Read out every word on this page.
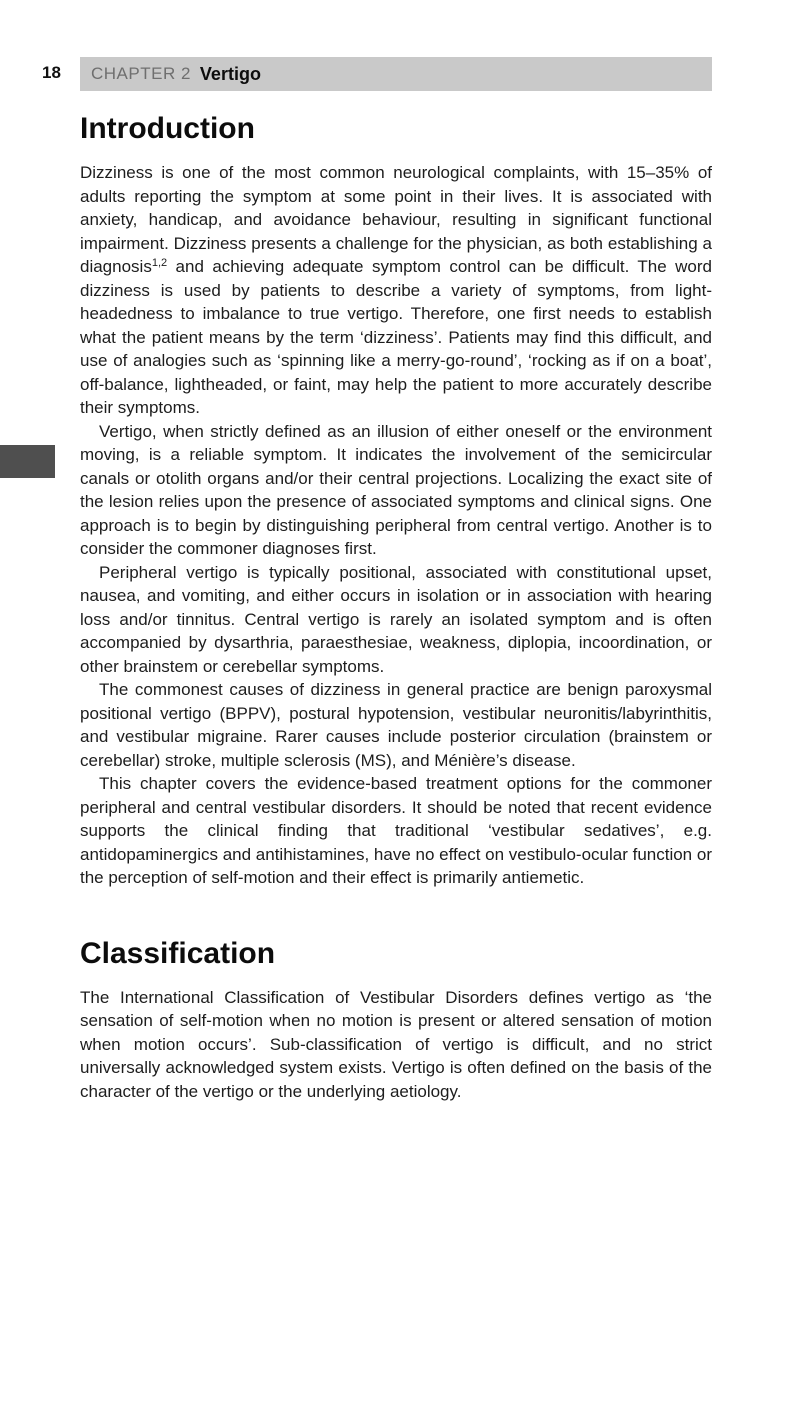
18 CHAPTER 2 Vertigo
Introduction

Dizziness is one of the most common neurological complaints, with 15–35% of adults reporting the symptom at some point in their lives. It is associated with anxiety, handicap, and avoidance behaviour, resulting in significant functional impairment. Dizziness presents a challenge for the physician, as both establishing a diagnosis$^{1,2}$ and achieving adequate symptom control can be difficult. The word dizziness is used by patients to describe a variety of symptoms, from light-headedness to imbalance to true vertigo. Therefore, one first needs to establish what the patient means by the term ‘dizziness’. Patients may find this difficult, and use of analogies such as ‘spinning like a merry-go-round’, ‘rocking as if on a boat’, off-balance, lightheaded, or faint, may help the patient to more accurately describe their symptoms.

Vertigo, when strictly defined as an illusion of either oneself or the environment moving, is a reliable symptom. It indicates the involvement of the semicircular canals or otolith organs and/or their central projections. Localizing the exact site of the lesion relies upon the presence of associated symptoms and clinical signs. One approach is to begin by distinguishing peripheral from central vertigo. Another is to consider the commoner diagnoses first.

Peripheral vertigo is typically positional, associated with constitutional upset, nausea, and vomiting, and either occurs in isolation or in association with hearing loss and/or tinnitus. Central vertigo is rarely an isolated symptom and is often accompanied by dysarthria, paraesthesiae, weakness, diplopia, incoordination, or other brainstem or cerebellar symptoms.

The commonest causes of dizziness in general practice are benign paroxysmal positional vertigo (BPPV), postural hypotension, vestibular neuronitis/labyrinthitis, and vestibular migraine. Rarer causes include posterior circulation (brainstem or cerebellar) stroke, multiple sclerosis (MS), and Ménière’s disease.

This chapter covers the evidence-based treatment options for the commoner peripheral and central vestibular disorders. It should be noted that recent evidence supports the clinical finding that traditional ‘vestibular sedatives’, e.g. antidopaminergics and antihistamines, have no effect on vestibulo-ocular function or the perception of self-motion and their effect is primarily antiemetic.

Classification

The International Classification of Vestibular Disorders defines vertigo as ‘the sensation of self-motion when no motion is present or altered sensation of motion when motion occurs’. Sub-classification of vertigo is difficult, and no strict universally acknowledged system exists. Vertigo is often defined on the basis of the character of the vertigo or the underlying aetiology.
